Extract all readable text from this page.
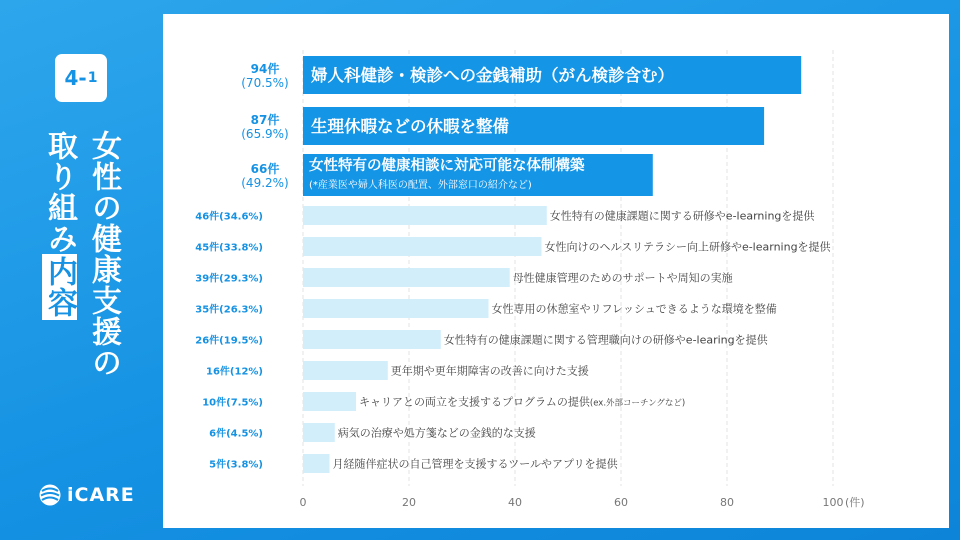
4- 1
女性の健康支援の
取り組み内容
iCARE
94件
(70.5%) 婦人科健診・検診への金銭補助（がん検診含む）
87件
(65.9%) 生理休暇などの休暇を整備
66件
(49.2%)
女性特有の健康相談に対応可能な体制構築
(*産業医や婦人科医の配置、外部窓口の紹介など)
46件(34.6%)	女性特有の健康課題に関する研修やe-learningを提供
45件(33.8%)	女性向けのヘルスリテラシー向上研修やe-learningを提供
39件(29.3%)	母性健康管理のためのサポートや周知の実施
35件(26.3%)	女性専用の休憩室やリフレッシュできるような環境を整備
26件(19.5%)	女性特有の健康課題に関する管理職向けの研修やe-learingを提供
16件(12%)	更年期や更年期障害の改善に向けた支援
10件(7.5%)	キャリアとの両立を支援するプログラムの提供(ex.外部コーチングなど)
6件(4.5%)	病気の治療や処方箋などの金銭的な支援
5件(3.8%)	月経随伴症状の自己管理を支援するツールやアプリを提供
0	20	40	60	80	100 (件)
